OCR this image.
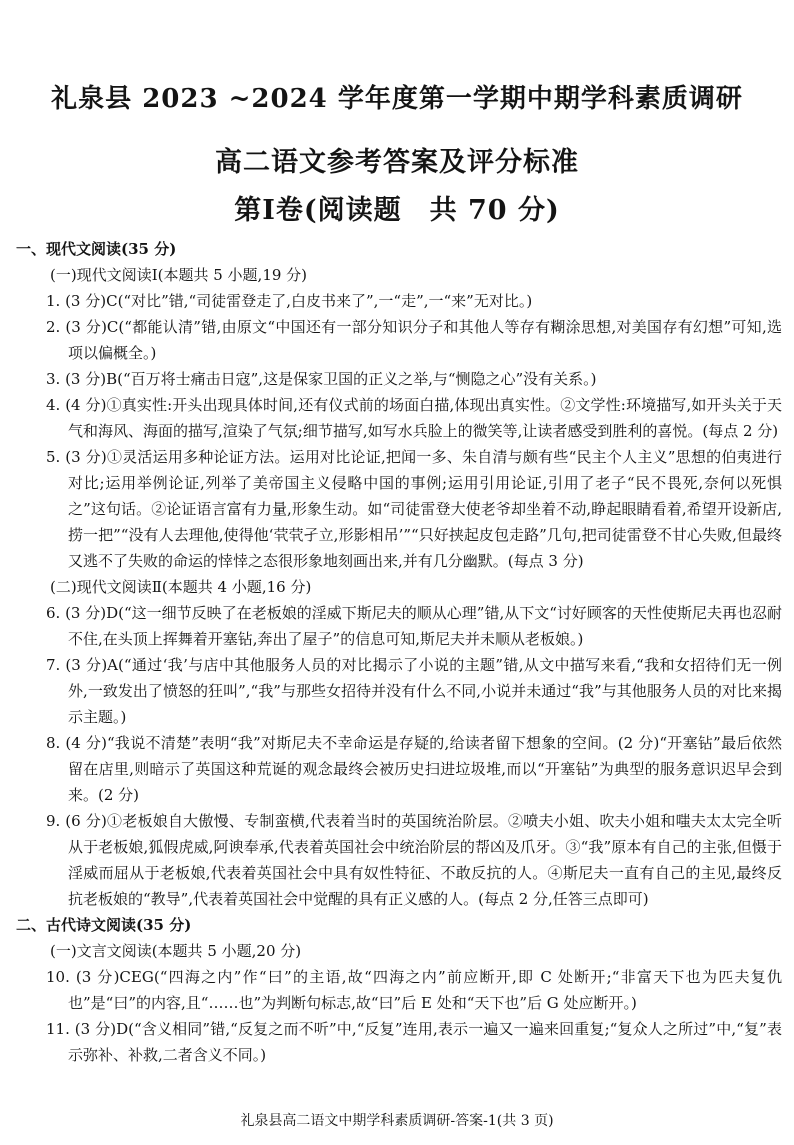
礼泉县 2023 ~2024 学年度第一学期中期学科素质调研
高二语文参考答案及评分标准
第Ⅰ卷(阅读题　共 70 分)
一、现代文阅读(35 分)
(一)现代文阅读Ⅰ(本题共 5 小题,19 分)
1. (3 分)C(“对比”错,“司徒雷登走了,白皮书来了”,一“走”,一“来”无对比。)
2. (3 分)C(“都能认清”错,由原文“中国还有一部分知识分子和其他人等存有糊涂思想,对美国存有幻想”可知,选项以偏概全。)
3. (3 分)B(“百万将士痛击日寇”,这是保家卫国的正义之举,与“恻隐之心”没有关系。)
4. (4 分)①真实性:开头出现具体时间,还有仪式前的场面白描,体现出真实性。②文学性:环境描写,如开头关于天气和海风、海面的描写,渲染了气氛;细节描写,如写水兵脸上的微笑等,让读者感受到胜利的喜悦。(每点 2 分)
5. (3 分)①灵活运用多种论证方法。运用对比论证,把闻一多、朱自清与颇有些“民主个人主义”思想的伯夷进行对比;运用举例论证,列举了美帝国主义侵略中国的事例;运用引用论证,引用了老子“民不畏死,奈何以死惧之”这句话。②论证语言富有力量,形象生动。如“司徒雷登大使老爷却坐着不动,睁起眼睛看着,希望开设新店,捞一把”“没有人去理他,使得他‘茕茕孑立,形影相吊’”“只好挟起皮包走路”几句,把司徒雷登不甘心失败,但最终又逃不了失败的命运的悻悻之态很形象地刻画出来,并有几分幽默。(每点 3 分)
(二)现代文阅读Ⅱ(本题共 4 小题,16 分)
6. (3 分)D(“这一细节反映了在老板娘的淫威下斯尼夫的顺从心理”错,从下文“讨好顾客的天性使斯尼夫再也忍耐不住,在头顶上挥舞着开塞钻,奔出了屋子”的信息可知,斯尼夫并未顺从老板娘。)
7. (3 分)A(“通过‘我’与店中其他服务人员的对比揭示了小说的主题”错,从文中描写来看,“我和女招待们无一例外,一致发出了愤怒的狂叫”,“我”与那些女招待并没有什么不同,小说并未通过“我”与其他服务人员的对比来揭示主题。)
8. (4 分)“我说不清楚”表明“我”对斯尼夫不幸命运是存疑的,给读者留下想象的空间。(2 分)“开塞钻”最后依然留在店里,则暗示了英国这种荒诞的观念最终会被历史扫进垃圾堆,而以“开塞钻”为典型的服务意识迟早会到来。(2 分)
9. (6 分)①老板娘自大傲慢、专制蛮横,代表着当时的英国统治阶层。②喷夫小姐、吹夫小姐和嗤夫太太完全听从于老板娘,狐假虎威,阿谀奉承,代表着英国社会中统治阶层的帮凶及爪牙。③“我”原本有自己的主张,但慑于淫威而屈从于老板娘,代表着英国社会中具有奴性特征、不敢反抗的人。④斯尼夫一直有自己的主见,最终反抗老板娘的“教导”,代表着英国社会中觉醒的具有正义感的人。(每点 2 分,任答三点即可)
二、古代诗文阅读(35 分)
(一)文言文阅读(本题共 5 小题,20 分)
10. (3 分)CEG(“四海之内”作“曰”的主语,故“四海之内”前应断开,即 C 处断开;“非富天下也为匹夫复仇也”是“曰”的内容,且“……也”为判断句标志,故“曰”后 E 处和“天下也”后 G 处应断开。)
11. (3 分)D(“含义相同”错,“反复之而不听”中,“反复”连用,表示一遍又一遍来回重复;“复众人之所过”中,“复”表示弥补、补救,二者含义不同。)
礼泉县高二语文中期学科素质调研-答案-1(共 3 页)
